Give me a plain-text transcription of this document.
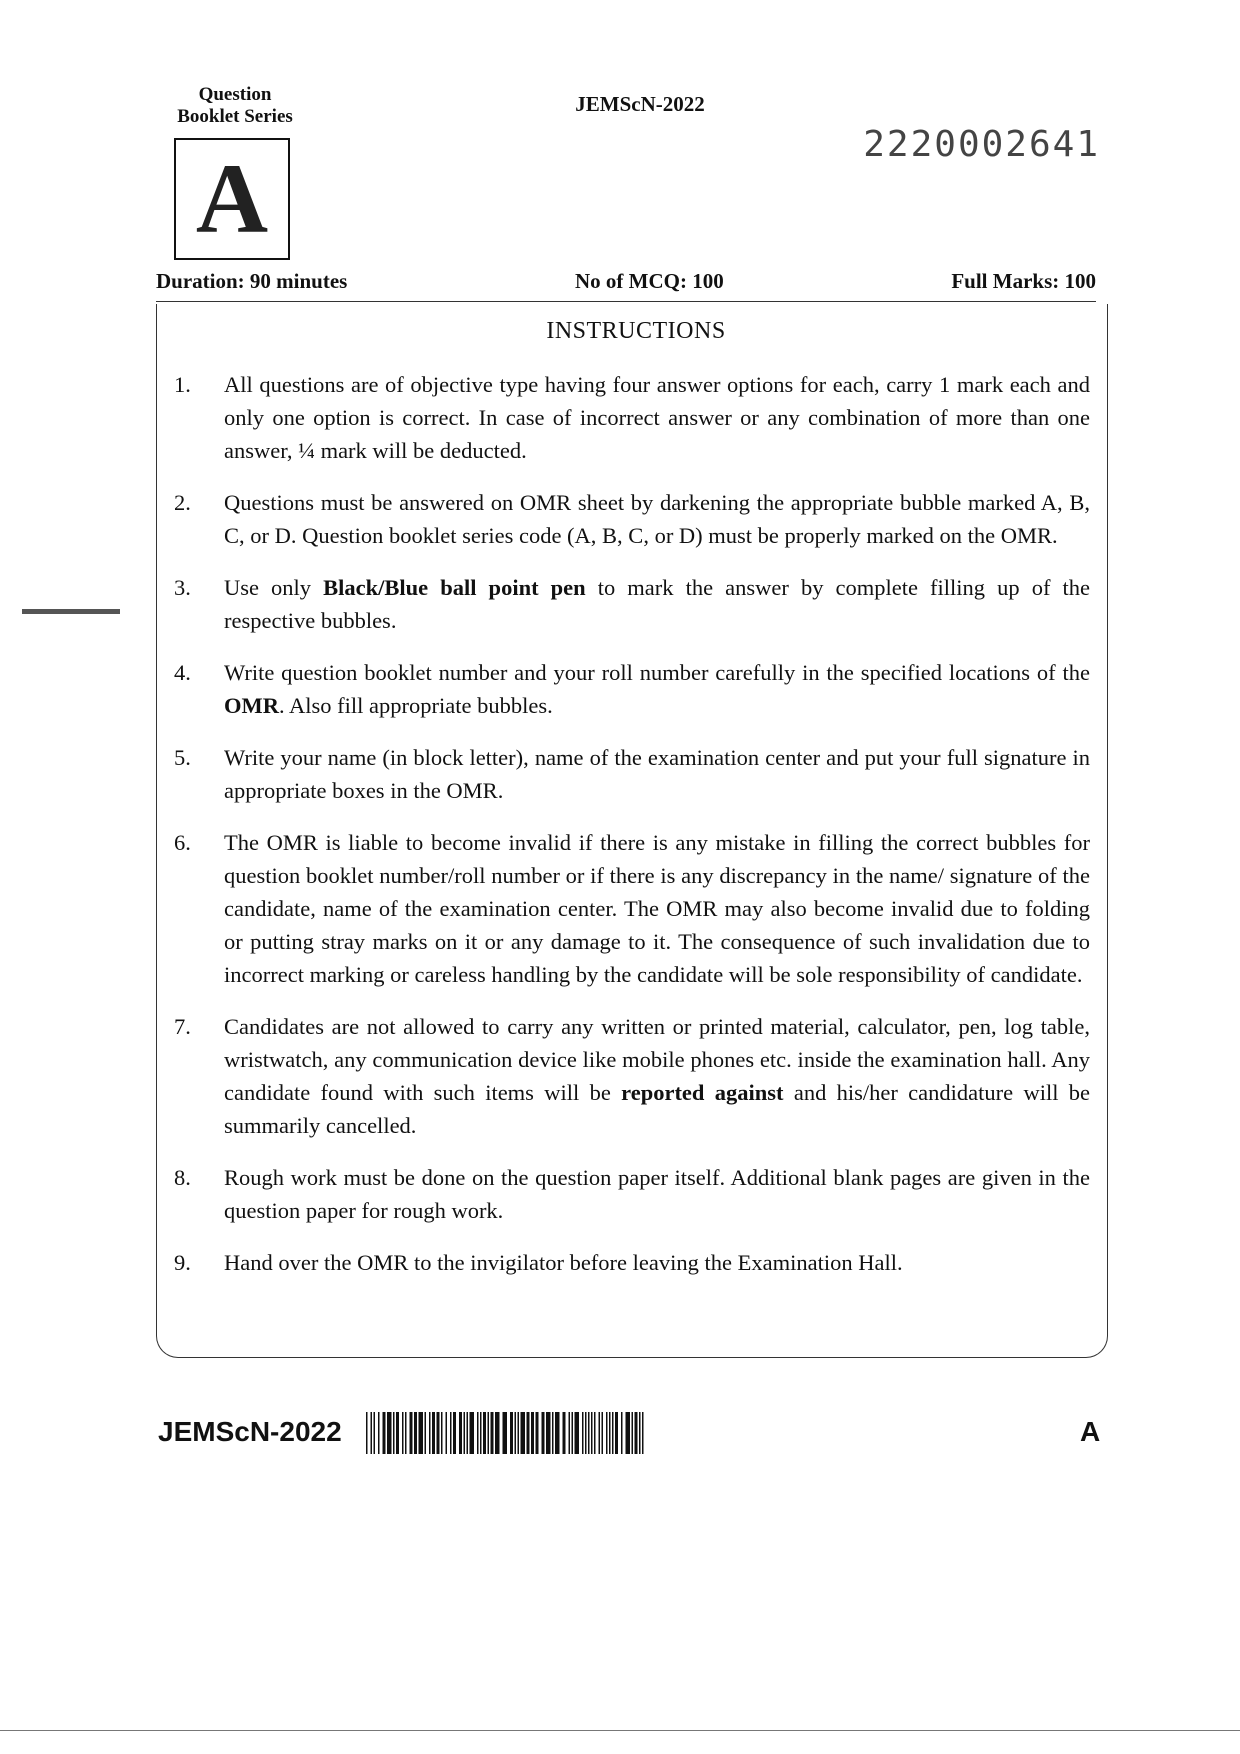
Question
Booklet Series
A
JEMScN-2022
2220002641
Duration: 90 minutes	No of MCQ: 100	Full Marks: 100
INSTRUCTIONS
1.	All questions are of objective type having four answer options for each, carry 1 mark each and only one option is correct. In case of incorrect answer or any combination of more than one answer, ¼ mark will be deducted.
2.	Questions must be answered on OMR sheet by darkening the appropriate bubble marked A, B, C, or D. Question booklet series code (A, B, C, or D) must be properly marked on the OMR.
3.	Use only Black/Blue ball point pen to mark the answer by complete filling up of the respective bubbles.
4.	Write question booklet number and your roll number carefully in the specified locations of the OMR. Also fill appropriate bubbles.
5.	Write your name (in block letter), name of the examination center and put your full signature in appropriate boxes in the OMR.
6.	The OMR is liable to become invalid if there is any mistake in filling the correct bubbles for question booklet number/roll number or if there is any discrepancy in the name/ signature of the candidate, name of the examination center. The OMR may also become invalid due to folding or putting stray marks on it or any damage to it. The consequence of such invalidation due to incorrect marking or careless handling by the candidate will be sole responsibility of candidate.
7.	Candidates are not allowed to carry any written or printed material, calculator, pen, log table, wristwatch, any communication device like mobile phones etc. inside the examination hall. Any candidate found with such items will be reported against and his/her candidature will be summarily cancelled.
8.	Rough work must be done on the question paper itself. Additional blank pages are given in the question paper for rough work.
9.	Hand over the OMR to the invigilator before leaving the Examination Hall.
JEMScN-2022	A
